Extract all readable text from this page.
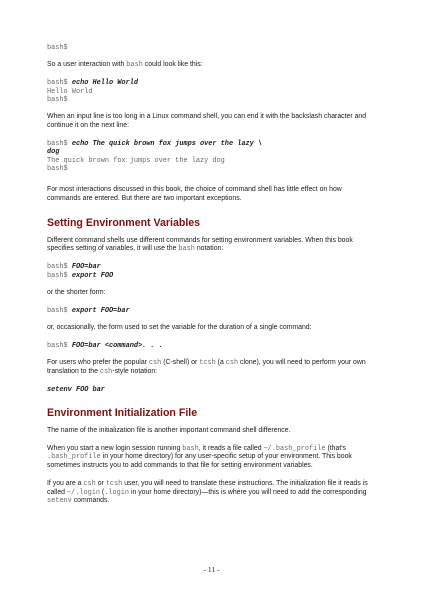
bash$

So a user interaction with bash could look like this:

bash$ echo Hello World
Hello World
bash$

When an input line is too long in a Linux command shell, you can end it with the backslash character and continue it on the next line:

bash$ echo The quick brown fox jumps over the lazy \
dog
The quick brown fox jumps over the lazy dog
bash$

For most interactions discussed in this book, the choice of command shell has little effect on how commands are entered. But there are two important exceptions.

Setting Environment Variables

Different command shells use different commands for setting environment variables. When this book specifies setting of variables, it will use the bash notation:

bash$ FOO=bar
bash$ export FOO

or the shorter form:

bash$ export FOO=bar

or, occasionally, the form used to set the variable for the duration of a single command:

bash$ FOO=bar <command>. . .

For users who prefer the popular csh (C-shell) or tcsh (a csh clone), you will need to perform your own translation to the csh-style notation:

setenv FOO bar
Environment Initialization File

The name of the initialization file is another important command shell difference.

When you start a new login session running bash, it reads a file called ~/.bash_profile (that's .bash_profile in your home directory) for any user-specific setup of your environment. This book sometimes instructs you to add commands to that file for setting environment variables.

If you are a csh or tcsh user, you will need to translate these instructions. The initialization file it reads is called ~/.login (.login in your home directory)—this is where you will need to add the corresponding setenv commands.

- 11 -
